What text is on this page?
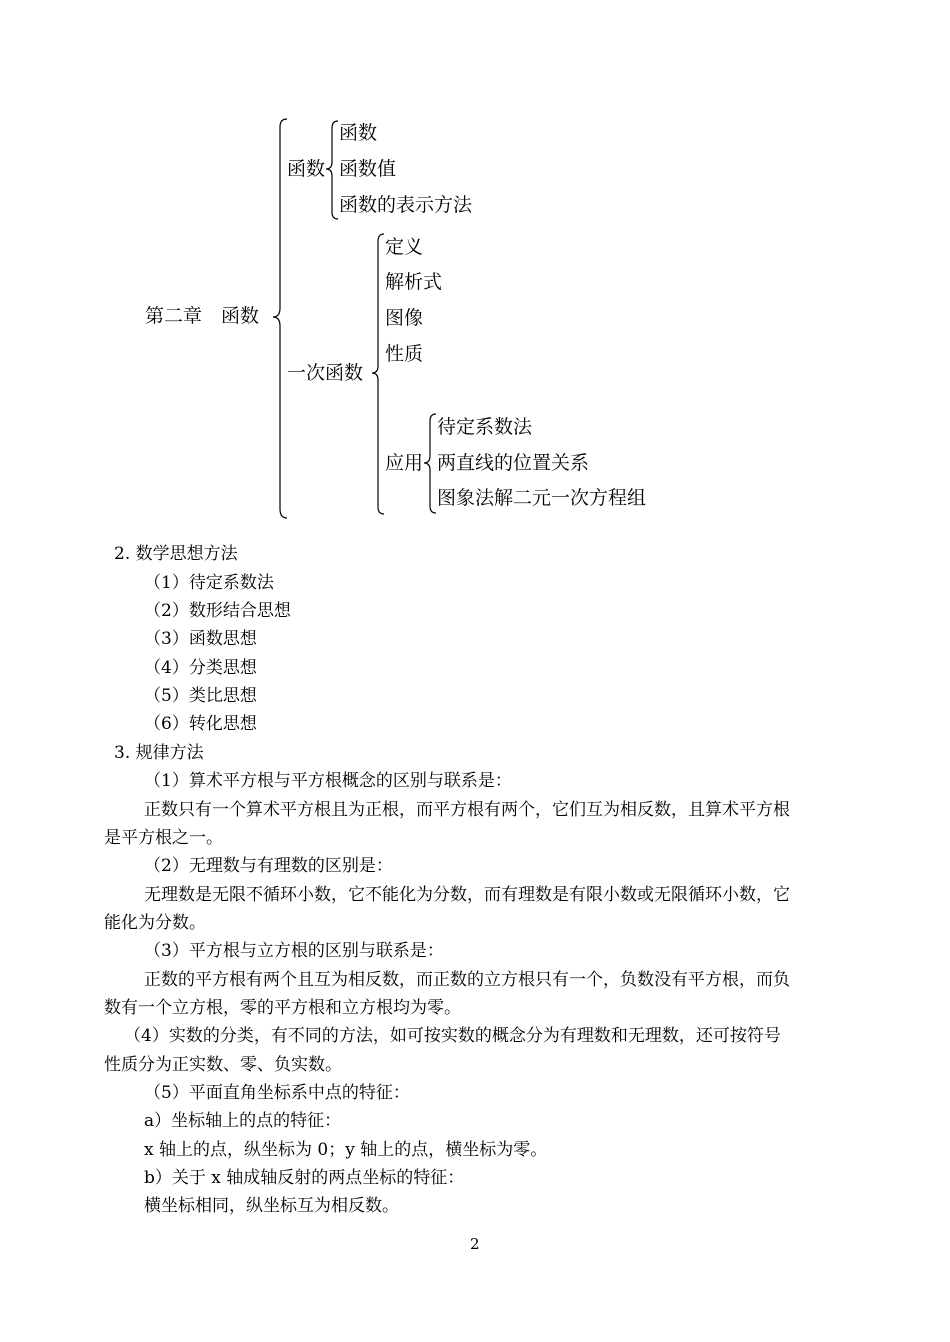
第二章　函数
函数
函数
函数值
函数的表示方法
一次函数
定义
解析式
图像
性质
应用
待定系数法
两直线的位置关系
图象法解二元一次方程组
2. 数学思想方法
（1）待定系数法
（2）数形结合思想
（3）函数思想
（4）分类思想
（5）类比思想
（6）转化思想
3. 规律方法
（1）算术平方根与平方根概念的区别与联系是：
正数只有一个算术平方根且为正根，而平方根有两个，它们互为相反数，且算术平方根
是平方根之一。
（2）无理数与有理数的区别是：
无理数是无限不循环小数，它不能化为分数，而有理数是有限小数或无限循环小数，它
能化为分数。
（3）平方根与立方根的区别与联系是：
正数的平方根有两个且互为相反数，而正数的立方根只有一个，负数没有平方根，而负
数有一个立方根，零的平方根和立方根均为零。
（4）实数的分类，有不同的方法，如可按实数的概念分为有理数和无理数，还可按符号
性质分为正实数、零、负实数。
（5）平面直角坐标系中点的特征：
a）坐标轴上的点的特征：
x 轴上的点，纵坐标为 0；y 轴上的点，横坐标为零。
b）关于 x 轴成轴反射的两点坐标的特征：
横坐标相同，纵坐标互为相反数。
2
